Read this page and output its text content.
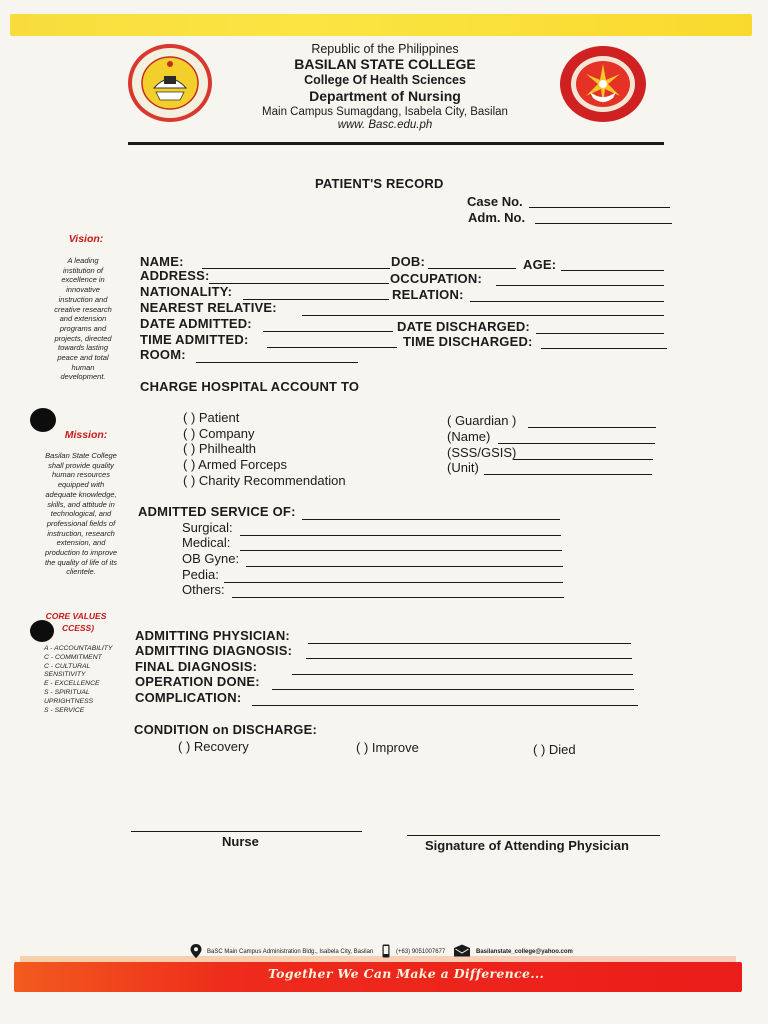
Republic of the Philippines
BASILAN STATE COLLEGE
College Of Health Sciences
Department of Nursing
Main Campus Sumagdang, Isabela City, Basilan
www. Basc.edu.ph
PATIENT'S RECORD
Case No.
Adm. No.
Vision:
A leading
institution of
excellence in
innovative
instruction and
creative research
and extension
programs and
projects, directed
towards lasting
peace and total
human
development.
Mission:
Basilan State College
shall provide quality
human resources
equipped with
adequate knowledge,
skills, and attitude in
technological, and
professional fields of
instruction, research
extension, and
production to improve
the quality of life of its
clientele.
CORE VALUES
CCESS)
A - ACCOUNTABILITY
C - COMMITMENT
C - CULTURAL
SENSITIVITY
E - EXCELLENCE
S - SPIRITUAL
UPRIGHTNESS
S - SERVICE
NAME:	DOB:	AGE:
ADDRESS:	OCCUPATION:
NATIONALITY:	RELATION:
NEAREST RELATIVE:
DATE ADMITTED:	DATE DISCHARGED:
TIME ADMITTED:	TIME DISCHARGED:
ROOM:
CHARGE HOSPITAL ACCOUNT TO
( ) Patient
( ) Company
( ) Philhealth
( ) Armed Forceps
( ) Charity Recommendation
( Guardian )
(Name)
(SSS/GSIS)
(Unit)
ADMITTED SERVICE OF:
Surgical:
Medical:
OB Gyne:
Pedia:
Others:
ADMITTING PHYSICIAN:
ADMITTING DIAGNOSIS:
FINAL DIAGNOSIS:
OPERATION DONE:
COMPLICATION:
CONDITION on DISCHARGE:
( ) Recovery	( ) Improve	( ) Died
Nurse	Signature of Attending Physician
BaSC Main Campus Administration Bldg., Isabela City, Basilan	(+63) 9051007677	Basilanstate_college@yahoo.com
Together We Can Make a Difference...
